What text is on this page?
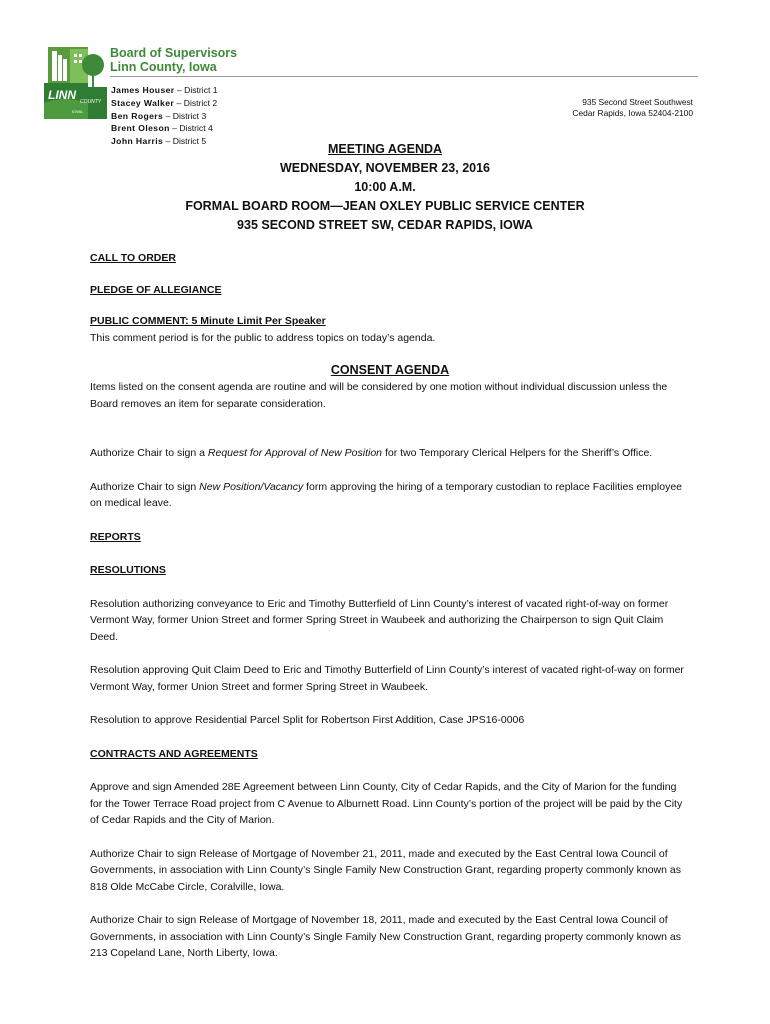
LINN COUNTY
IOWA
Board of Supervisors
Linn County, Iowa
James Houser – District 1
Stacey Walker – District 2
Ben Rogers – District 3
Brent Oleson – District 4
John Harris – District 5
935 Second Street Southwest
Cedar Rapids, Iowa 52404-2100
MEETING AGENDA
WEDNESDAY, NOVEMBER 23, 2016
10:00 A.M.
FORMAL BOARD ROOM—JEAN OXLEY PUBLIC SERVICE CENTER
935 SECOND STREET SW, CEDAR RAPIDS, IOWA

CALL TO ORDER

PLEDGE OF ALLEGIANCE

PUBLIC COMMENT: 5 Minute Limit Per Speaker

This comment period is for the public to address topics on today’s agenda.

CONSENT AGENDA

Items listed on the consent agenda are routine and will be considered by one motion without individual discussion unless the Board removes an item for separate consideration.

Authorize Chair to sign a Request for Approval of New Position for two Temporary Clerical Helpers for the Sheriff’s Office.

Authorize Chair to sign New Position/Vacancy form approving the hiring of a temporary custodian to replace Facilities employee on medical leave.

REPORTS

RESOLUTIONS

Resolution authorizing conveyance to Eric and Timothy Butterfield of Linn County’s interest of vacated right-of-way on former Vermont Way, former Union Street and former Spring Street in Waubeek and authorizing the Chairperson to sign Quit Claim Deed.

Resolution approving Quit Claim Deed to Eric and Timothy Butterfield of Linn County’s interest of vacated right-of-way on former Vermont Way, former Union Street and former Spring Street in Waubeek.

Resolution to approve Residential Parcel Split for Robertson First Addition, Case JPS16-0006

CONTRACTS AND AGREEMENTS

Approve and sign Amended 28E Agreement between Linn County, City of Cedar Rapids, and the City of Marion for the funding for the Tower Terrace Road project from C Avenue to Alburnett Road. Linn County’s portion of the project will be paid by the City of Cedar Rapids and the City of Marion.

Authorize Chair to sign Release of Mortgage of November 21, 2011, made and executed by the East Central Iowa Council of Governments, in association with Linn County’s Single Family New Construction Grant, regarding property commonly known as 818 Olde McCabe Circle, Coralville, Iowa.

Authorize Chair to sign Release of Mortgage of November 18, 2011, made and executed by the East Central Iowa Council of Governments, in association with Linn County’s Single Family New Construction Grant, regarding property commonly known as 213 Copeland Lane, North Liberty, Iowa.
